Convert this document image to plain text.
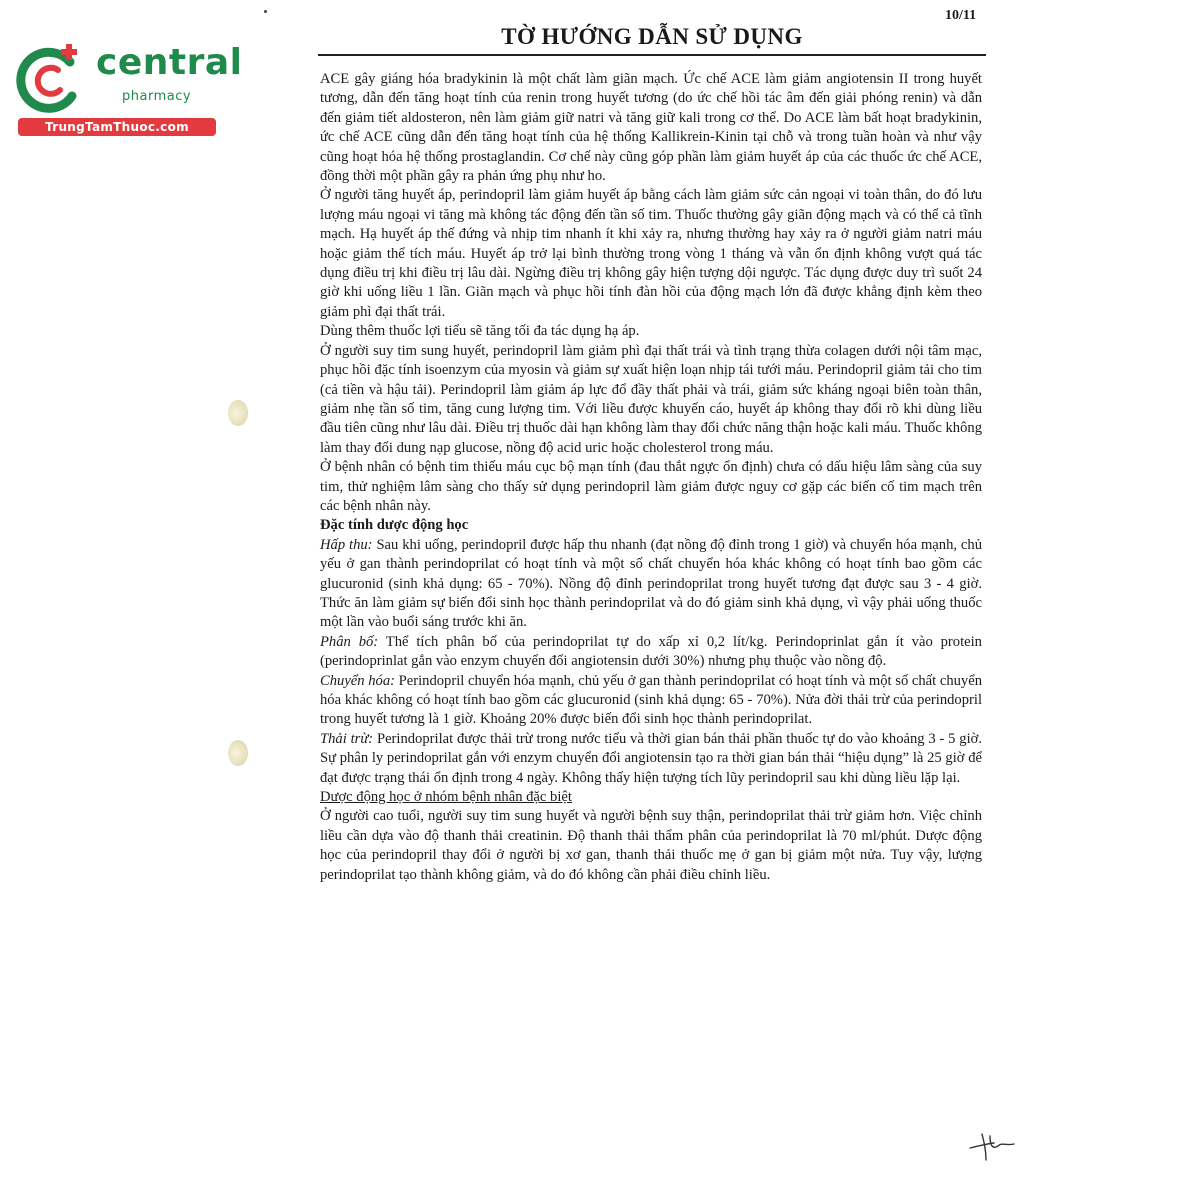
central
pharmacy
TrungTamThuoc.com
10/11
TỜ HƯỚNG DẪN SỬ DỤNG

ACE gây giáng hóa bradykinin là một chất làm giãn mạch. Ức chế ACE làm giảm angiotensin II trong huyết tương, dẫn đến tăng hoạt tính của renin trong huyết tương (do ức chế hồi tác âm đến giải phóng renin) và dẫn đến giảm tiết aldosteron, nên làm giảm giữ natri và tăng giữ kali trong cơ thể. Do ACE làm bất hoạt bradykinin, ức chế ACE cũng dẫn đến tăng hoạt tính của hệ thống Kallikrein-Kinin tại chỗ và trong tuần hoàn và như vậy cũng hoạt hóa hệ thống prostaglandin. Cơ chế này cũng góp phần làm giảm huyết áp của các thuốc ức chế ACE, đồng thời một phần gây ra phản ứng phụ như ho.

Ở người tăng huyết áp, perindopril làm giảm huyết áp bằng cách làm giảm sức cản ngoại vi toàn thân, do đó lưu lượng máu ngoại vi tăng mà không tác động đến tần số tim. Thuốc thường gây giãn động mạch và có thể cả tĩnh mạch. Hạ huyết áp thế đứng và nhịp tim nhanh ít khi xảy ra, nhưng thường hay xảy ra ở người giảm natri máu hoặc giảm thể tích máu. Huyết áp trở lại bình thường trong vòng 1 tháng và vẫn ổn định không vượt quá tác dụng điều trị khi điều trị lâu dài. Ngừng điều trị không gây hiện tượng dội ngược. Tác dụng được duy trì suốt 24 giờ khi uống liều 1 lần. Giãn mạch và phục hồi tính đàn hồi của động mạch lớn đã được khẳng định kèm theo giảm phì đại thất trái.

Dùng thêm thuốc lợi tiểu sẽ tăng tối đa tác dụng hạ áp.

Ở người suy tim sung huyết, perindopril làm giảm phì đại thất trái và tình trạng thừa colagen dưới nội tâm mạc, phục hồi đặc tính isoenzym của myosin và giảm sự xuất hiện loạn nhịp tái tưới máu. Perindopril giảm tải cho tim (cả tiền và hậu tải). Perindopril làm giảm áp lực đổ đầy thất phải và trái, giảm sức kháng ngoại biên toàn thân, giảm nhẹ tần số tim, tăng cung lượng tim. Với liều được khuyến cáo, huyết áp không thay đổi rõ khi dùng liều đầu tiên cũng như lâu dài. Điều trị thuốc dài hạn không làm thay đổi chức năng thận hoặc kali máu. Thuốc không làm thay đổi dung nạp glucose, nồng độ acid uric hoặc cholesterol trong máu.

Ở bệnh nhân có bệnh tim thiếu máu cục bộ mạn tính (đau thắt ngực ổn định) chưa có dấu hiệu lâm sàng của suy tim, thử nghiệm lâm sàng cho thấy sử dụng perindopril làm giảm được nguy cơ gặp các biến cố tim mạch trên các bệnh nhân này.

Đặc tính dược động học

Hấp thu: Sau khi uống, perindopril được hấp thu nhanh (đạt nồng độ đỉnh trong 1 giờ) và chuyển hóa mạnh, chủ yếu ở gan thành perindoprilat có hoạt tính và một số chất chuyển hóa khác không có hoạt tính bao gồm các glucuronid (sinh khả dụng: 65 - 70%). Nồng độ đỉnh perindoprilat trong huyết tương đạt được sau 3 - 4 giờ. Thức ăn làm giảm sự biến đổi sinh học thành perindoprilat và do đó giảm sinh khả dụng, vì vậy phải uống thuốc một lần vào buổi sáng trước khi ăn.

Phân bố: Thể tích phân bố của perindoprilat tự do xấp xỉ 0,2 lít/kg. Perindoprinlat gắn ít vào protein (perindoprinlat gắn vào enzym chuyển đổi angiotensin dưới 30%) nhưng phụ thuộc vào nồng độ.

Chuyển hóa: Perindopril chuyển hóa mạnh, chủ yếu ở gan thành perindoprilat có hoạt tính và một số chất chuyển hóa khác không có hoạt tính bao gồm các glucuronid (sinh khả dụng: 65 - 70%). Nửa đời thải trừ của perindopril trong huyết tương là 1 giờ. Khoảng 20% được biến đổi sinh học thành perindoprilat.

Thải trừ: Perindoprilat được thải trừ trong nước tiểu và thời gian bán thải phần thuốc tự do vào khoảng 3 - 5 giờ. Sự phân ly perindoprilat gắn với enzym chuyển đổi angiotensin tạo ra thời gian bán thải “hiệu dụng” là 25 giờ để đạt được trạng thái ổn định trong 4 ngày. Không thấy hiện tượng tích lũy perindopril sau khi dùng liều lặp lại.

Dược động học ở nhóm bệnh nhân đặc biệt

Ở người cao tuổi, người suy tim sung huyết và người bệnh suy thận, perindoprilat thải trừ giảm hơn. Việc chỉnh liều cần dựa vào độ thanh thải creatinin. Độ thanh thải thẩm phân của perindoprilat là 70 ml/phút. Dược động học của perindopril thay đổi ở người bị xơ gan, thanh thải thuốc mẹ ở gan bị giảm một nửa. Tuy vậy, lượng perindoprilat tạo thành không giảm, và do đó không cần phải điều chỉnh liều.
